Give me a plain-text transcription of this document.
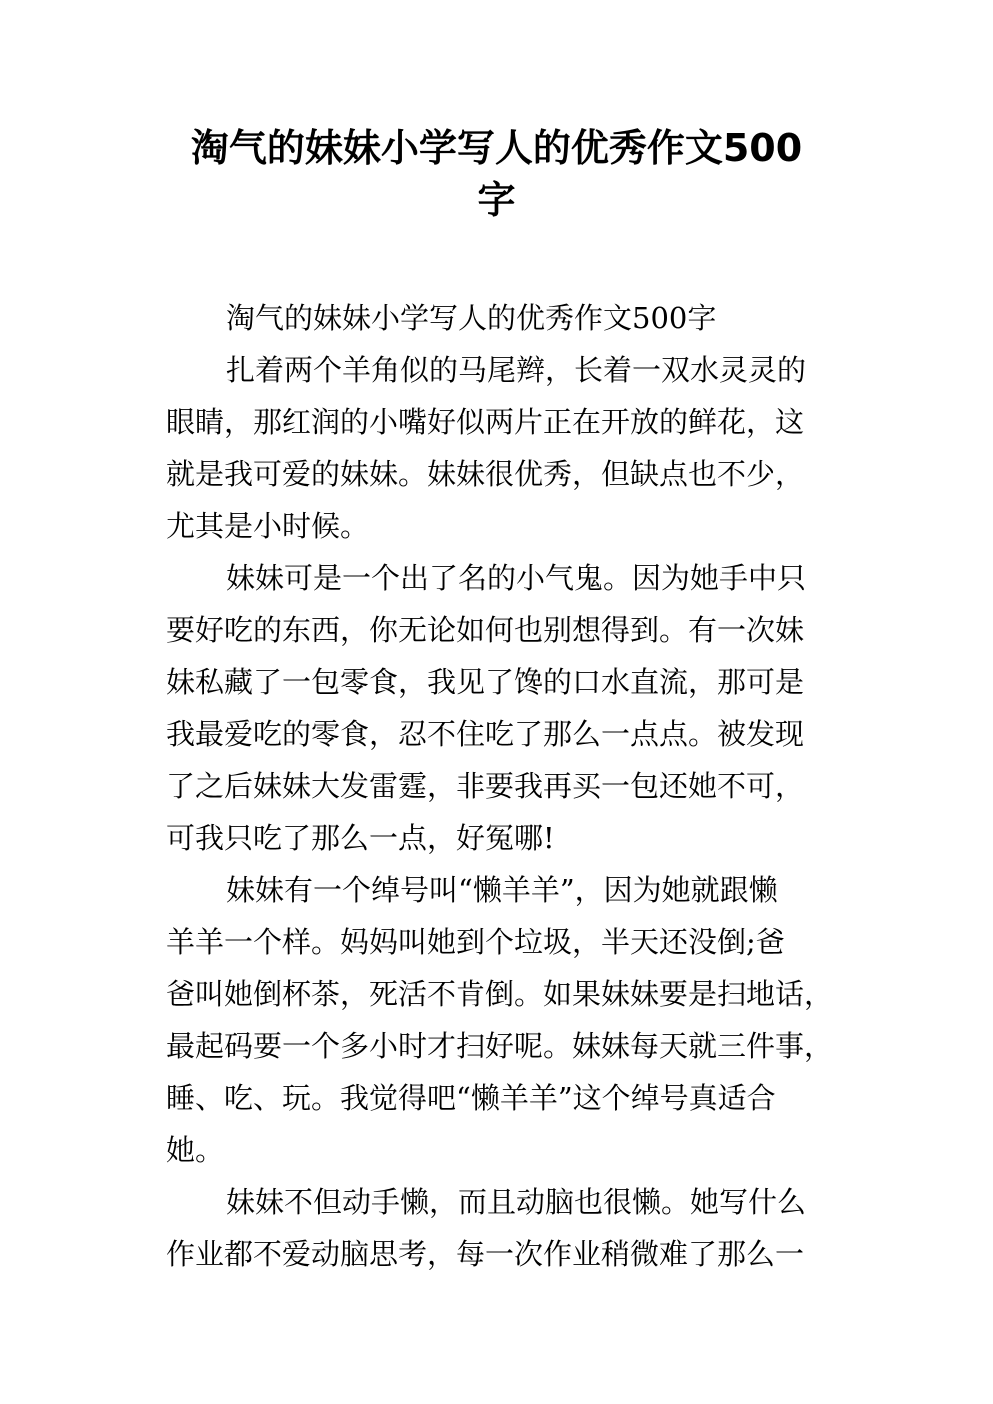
淘气的妹妹小学写人的优秀作文500
字
淘气的妹妹小学写人的优秀作文500字
扎着两个羊角似的马尾辫，长着一双水灵灵的
眼睛，那红润的小嘴好似两片正在开放的鲜花，这
就是我可爱的妹妹。妹妹很优秀，但缺点也不少，
尤其是小时候。
妹妹可是一个出了名的小气鬼。因为她手中只
要好吃的东西，你无论如何也别想得到。有一次妹
妹私藏了一包零食，我见了馋的口水直流，那可是
我最爱吃的零食，忍不住吃了那么一点点。被发现
了之后妹妹大发雷霆，非要我再买一包还她不可，
可我只吃了那么一点，好冤哪!
妹妹有一个绰号叫“懒羊羊”，因为她就跟懒
羊羊一个样。妈妈叫她到个垃圾，半天还没倒;爸
爸叫她倒杯茶，死活不肯倒。如果妹妹要是扫地话，
最起码要一个多小时才扫好呢。妹妹每天就三件事，
睡、吃、玩。我觉得吧“懒羊羊”这个绰号真适合
她。
妹妹不但动手懒，而且动脑也很懒。她写什么
作业都不爱动脑思考，每一次作业稍微难了那么一
